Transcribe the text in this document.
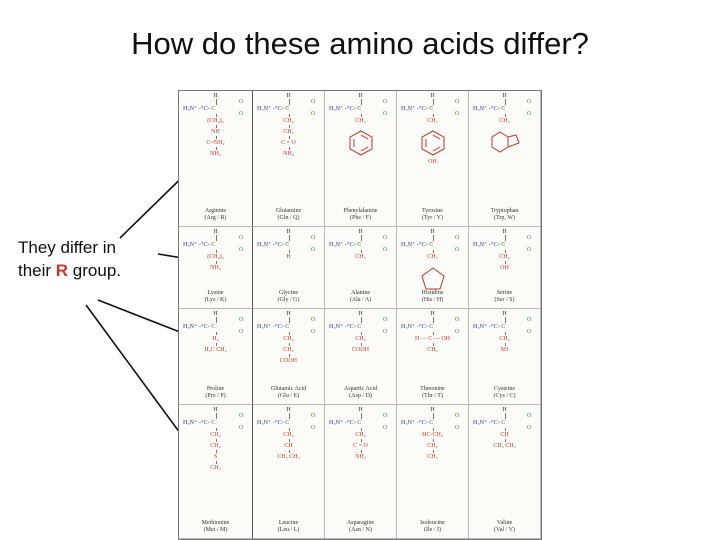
How do these amino acids differ?
They differ in
their R group.
H
H₃N⁺ -°C- C
O
O
(CH₂)₃
NH
C=NH₂
NH₂
Arginine
(Arg / R)
H
H₃N⁺ -°C- C
O
O
CH₂
CH₂
C = O
NH₂
Glutamine
(Gln / Q)
H
H₃N⁺ -°C- C
O
O
CH₂
Phenylalanine
(Phe / F)
H
H₃N⁺ -°C- C
O
O
CH₂
OH
Tyrosine
(Tyr / Y)
H
H₃N⁺ -°C- C
O
O
CH₂
Tryptophan
(Trp, W)
H
H₃N⁺ -°C- C
O
O
(CH₂)₄
NH₂
Lysine
(Lys / K)
H
H₃N⁺ -°C- C
O
O
H
Glycine
(Gly / G)
H
H₃N⁺ -°C- C
O
O
CH₃
Alanine
(Ala / A)
H
H₃N⁺ -°C- C
O
O
CH₂
Histidine
(His / H)
H
H₃N⁺ -°C- C
O
O
CH₂
OH
Serine
(Ser / S)
H
H₃N⁺ -°C- C
O
O
H₂
H₂C CH₂
Proline
(Pro / P)
H
H₃N⁺ -°C- C
O
O
CH₂
CH₂
COOH
Glutamic Acid
(Glu / E)
H
H₃N⁺ -°C- C
O
O
CH₂
COOH
Aspartic Acid
(Asp / D)
H
H₃N⁺ -°C- C
O
O
H — C — OH
CH₃
Threonine
(Thr / T)
H
H₃N⁺ -°C- C
O
O
CH₂
SH
Cysteine
(Cys / C)
H
H₃N⁺ -°C- C
O
O
CH₂
CH₂
S
CH₃
Methionine
(Met / M)
H
H₃N⁺ -°C- C
O
O
CH₂
CH
CH₃ CH₃
Leucine
(Leu / L)
H
H₃N⁺ -°C- C
O
O
CH₂
C = O
NH₂
Asparagine
(Asn / N)
H
H₃N⁺ -°C- C
O
O
HC-CH₃
CH₂
CH₃
Isoleucine
(Ile / I)
H
H₃N⁺ -°C- C
O
O
CH
CH₃ CH₃
Valine
(Val / V)
